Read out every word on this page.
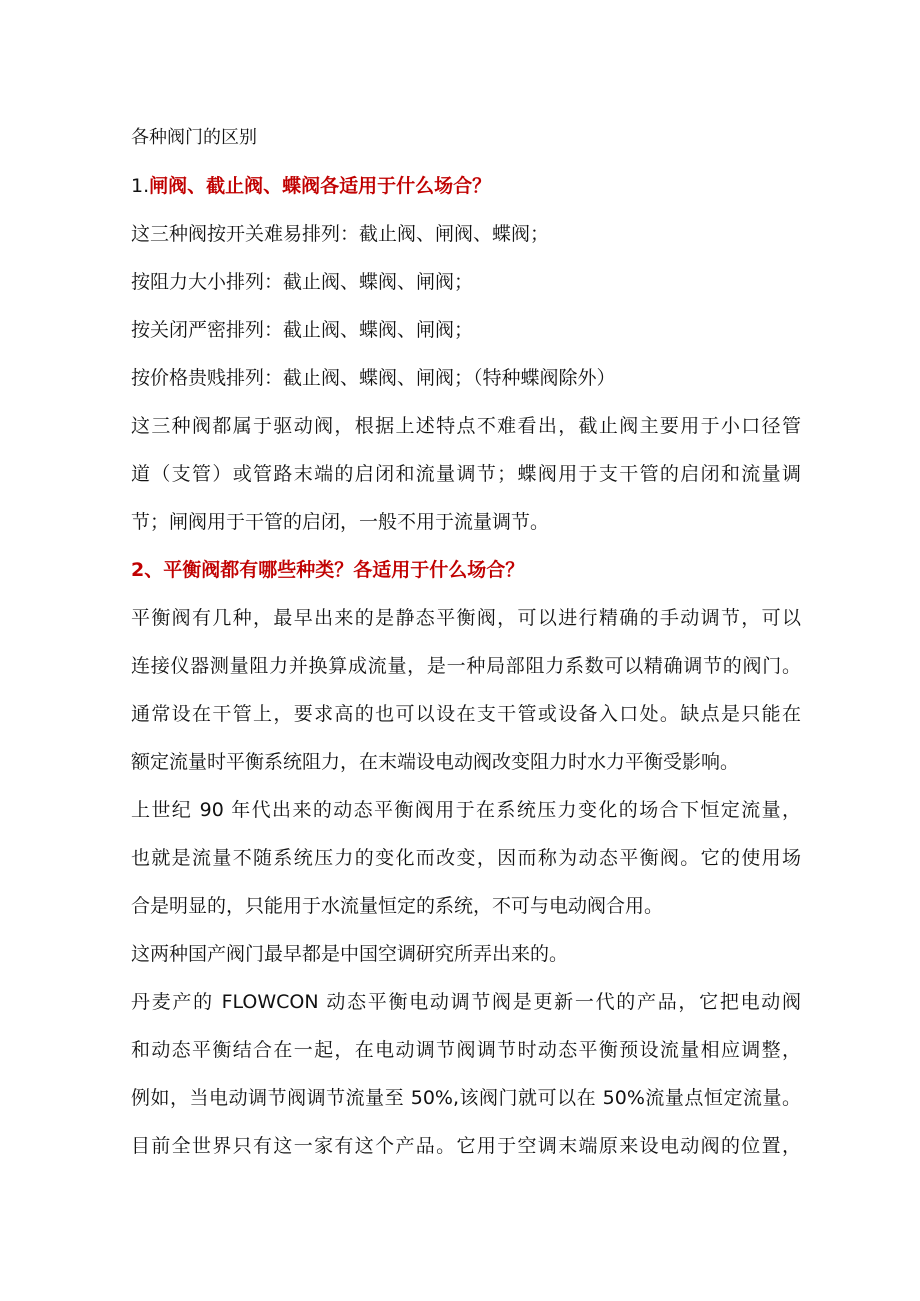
各种阀门的区别
1.闸阀、截止阀、蝶阀各适用于什么场合？
这三种阀按开关难易排列：截止阀、闸阀、蝶阀；
按阻力大小排列：截止阀、蝶阀、闸阀；
按关闭严密排列：截止阀、蝶阀、闸阀；
按价格贵贱排列：截止阀、蝶阀、闸阀；（特种蝶阀除外）
这三种阀都属于驱动阀，根据上述特点不难看出，截止阀主要用于小口径管
道（支管）或管路末端的启闭和流量调节；蝶阀用于支干管的启闭和流量调
节；闸阀用于干管的启闭，一般不用于流量调节。
2、平衡阀都有哪些种类？各适用于什么场合？
平衡阀有几种，最早出来的是静态平衡阀，可以进行精确的手动调节，可以
连接仪器测量阻力并换算成流量，是一种局部阻力系数可以精确调节的阀门。
通常设在干管上，要求高的也可以设在支干管或设备入口处。缺点是只能在
额定流量时平衡系统阻力，在末端设电动阀改变阻力时水力平衡受影响。
上世纪 90 年代出来的动态平衡阀用于在系统压力变化的场合下恒定流量，
也就是流量不随系统压力的变化而改变，因而称为动态平衡阀。它的使用场
合是明显的，只能用于水流量恒定的系统，不可与电动阀合用。
这两种国产阀门最早都是中国空调研究所弄出来的。
丹麦产的 FLOWCON 动态平衡电动调节阀是更新一代的产品，它把电动阀
和动态平衡结合在一起，在电动调节阀调节时动态平衡预设流量相应调整，
例如，当电动调节阀调节流量至 50%,该阀门就可以在 50%流量点恒定流量。
目前全世界只有这一家有这个产品。它用于空调末端原来设电动阀的位置，
